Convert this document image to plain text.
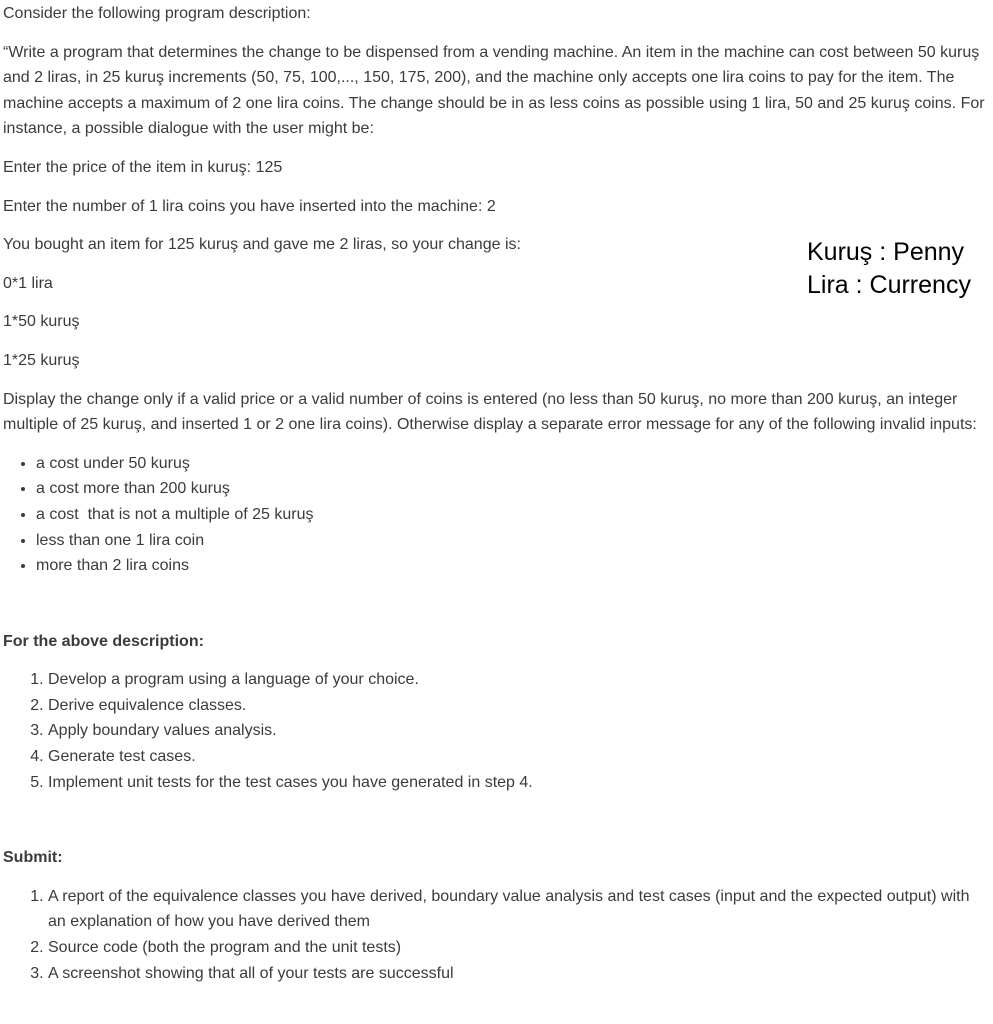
Consider the following program description:

“Write a program that determines the change to be dispensed from a vending machine. An item in the machine can cost between 50 kuruş and 2 liras, in 25 kuruş increments (50, 75, 100,..., 150, 175, 200), and the machine only accepts one lira coins to pay for the item. The machine accepts a maximum of 2 one lira coins. The change should be in as less coins as possible using 1 lira, 50 and 25 kuruş coins. For instance, a possible dialogue with the user might be:

Enter the price of the item in kuruş: 125

Enter the number of 1 lira coins you have inserted into the machine: 2

You bought an item for 125 kuruş and gave me 2 liras, so your change is:

0*1 lira

1*50 kuruş

1*25 kuruş

Display the change only if a valid price or a valid number of coins is entered (no less than 50 kuruş, no more than 200 kuruş, an integer multiple of 25 kuruş, and inserted 1 or 2 one lira coins). Otherwise display a separate error message for any of the following invalid inputs:

• a cost under 50 kuruş
• a cost more than 200 kuruş
• a cost  that is not a multiple of 25 kuruş
• less than one 1 lira coin
• more than 2 lira coins

For the above description:

1. Develop a program using a language of your choice.
2. Derive equivalence classes.
3. Apply boundary values analysis.
4. Generate test cases.
5. Implement unit tests for the test cases you have generated in step 4.

Submit:

1. A report of the equivalence classes you have derived, boundary value analysis and test cases (input and the expected output) with an explanation of how you have derived them
2. Source code (both the program and the unit tests)
3. A screenshot showing that all of your tests are successful
Kuruş : Penny
Lira : Currency
